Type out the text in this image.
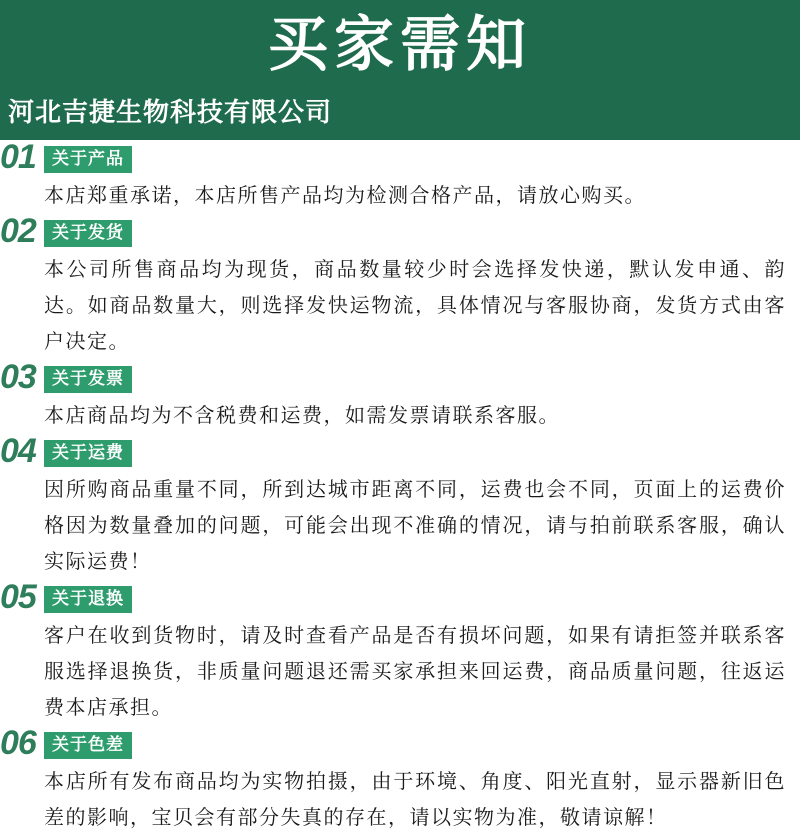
买家需知
河北吉捷生物科技有限公司
01 关于产品

本店郑重承诺，本店所售产品均为检测合格产品，请放心购买。

02 关于发货

本公司所售商品均为现货，商品数量较少时会选择发快递，默认发申通、韵达。如商品数量大，则选择发快运物流，具体情况与客服协商，发货方式由客户决定。

03 关于发票

本店商品均为不含税费和运费，如需发票请联系客服。

04 关于运费

因所购商品重量不同，所到达城市距离不同，运费也会不同，页面上的运费价格因为数量叠加的问题，可能会出现不准确的情况，请与拍前联系客服，确认实际运费！

05 关于退换

客户在收到货物时，请及时查看产品是否有损坏问题，如果有请拒签并联系客服选择退换货，非质量问题退还需买家承担来回运费，商品质量问题，往返运费本店承担。

06 关于色差

本店所有发布商品均为实物拍摄，由于环境、角度、阳光直射，显示器新旧色差的影响，宝贝会有部分失真的存在，请以实物为准，敬请谅解！
